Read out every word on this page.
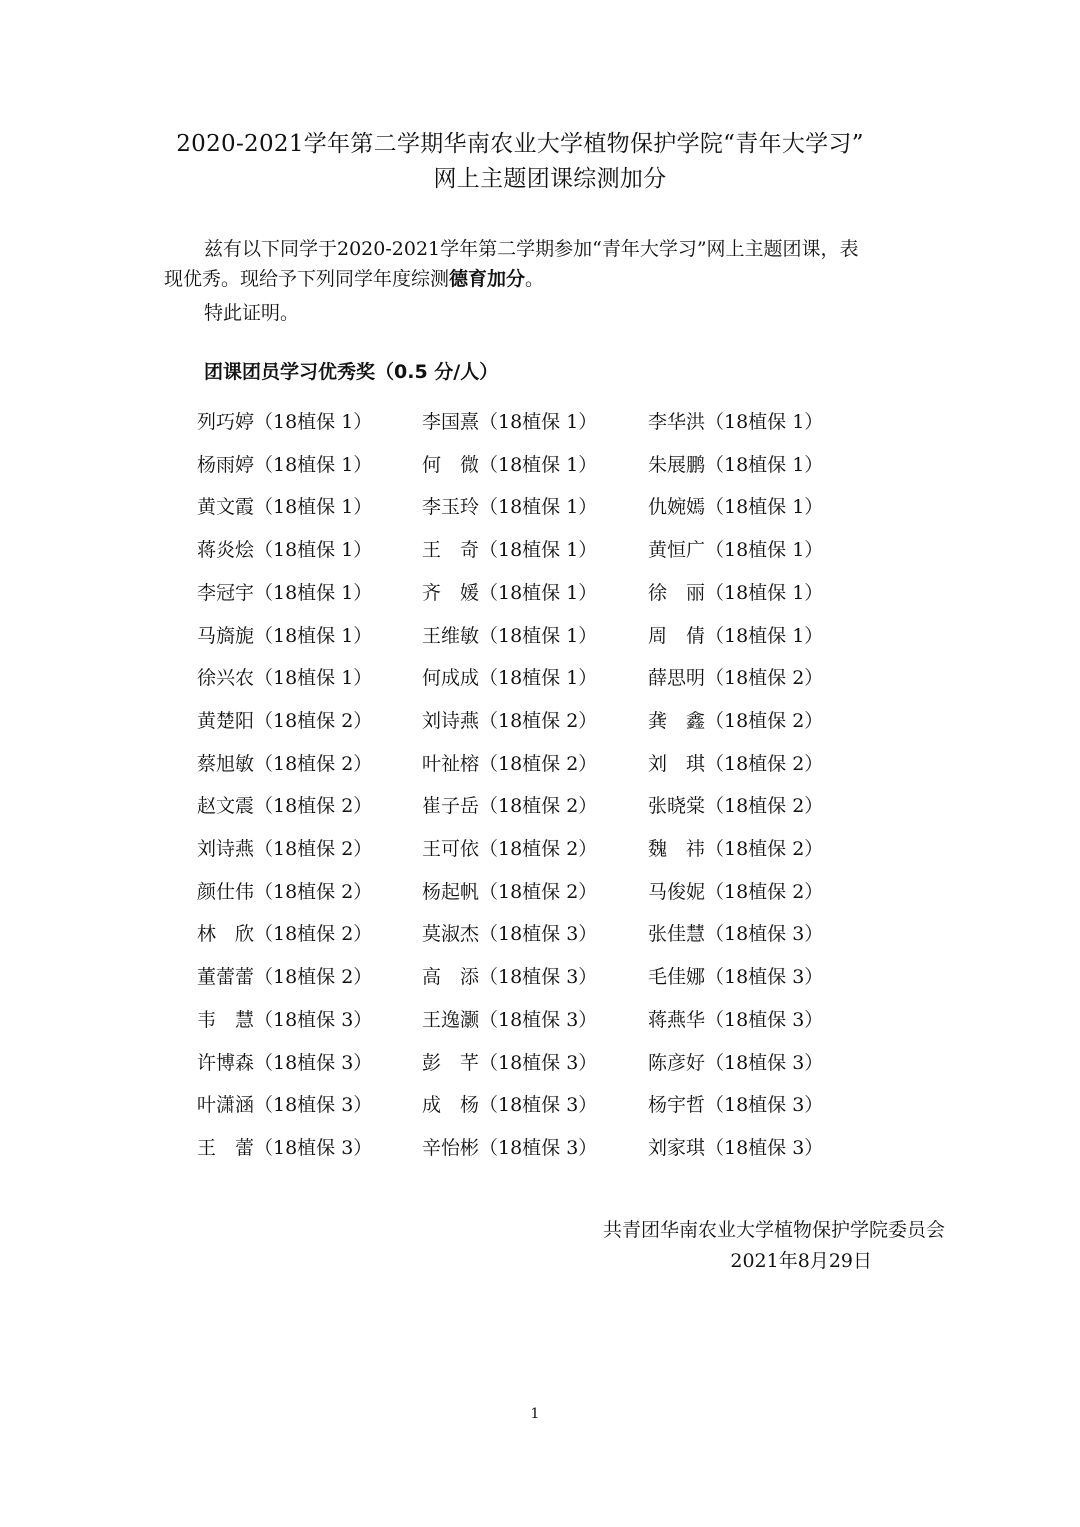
2020-2021学年第二学期华南农业大学植物保护学院“青年大学习”
网上主题团课综测加分
兹有以下同学于2020-2021学年第二学期参加“青年大学习”网上主题团课，表
现优秀。现给予下列同学年度综测德育加分。
特此证明。
团课团员学习优秀奖（0.5 分/人）
列巧婷（18植保 1）	李国熹（18植保 1）	李华洪（18植保 1）
杨雨婷（18植保 1）	何　微（18植保 1）	朱展鹏（18植保 1）
黄文霞（18植保 1）	李玉玲（18植保 1）	仇婉嫣（18植保 1）
蒋炎烩（18植保 1）	王　奇（18植保 1）	黄恒广（18植保 1）
李冠宇（18植保 1）	齐　媛（18植保 1）	徐　丽（18植保 1）
马旖旎（18植保 1）	王维敏（18植保 1）	周　倩（18植保 1）
徐兴农（18植保 1）	何成成（18植保 1）	薛思明（18植保 2）
黄楚阳（18植保 2）	刘诗燕（18植保 2）	龚　鑫（18植保 2）
蔡旭敏（18植保 2）	叶祉榕（18植保 2）	刘　琪（18植保 2）
赵文震（18植保 2）	崔子岳（18植保 2）	张晓棠（18植保 2）
刘诗燕（18植保 2）	王可依（18植保 2）	魏　祎（18植保 2）
颜仕伟（18植保 2）	杨起帆（18植保 2）	马俊妮（18植保 2）
林　欣（18植保 2）	莫淑杰（18植保 3）	张佳慧（18植保 3）
董蕾蕾（18植保 2）	高　添（18植保 3）	毛佳娜（18植保 3）
韦　慧（18植保 3）	王逸灏（18植保 3）	蒋燕华（18植保 3）
许博森（18植保 3）	彭　芊（18植保 3）	陈彦好（18植保 3）
叶潇涵（18植保 3）	成　杨（18植保 3）	杨宇哲（18植保 3）
王　蕾（18植保 3）	辛怡彬（18植保 3）	刘家琪（18植保 3）
共青团华南农业大学植物保护学院委员会
2021年8月29日
1
